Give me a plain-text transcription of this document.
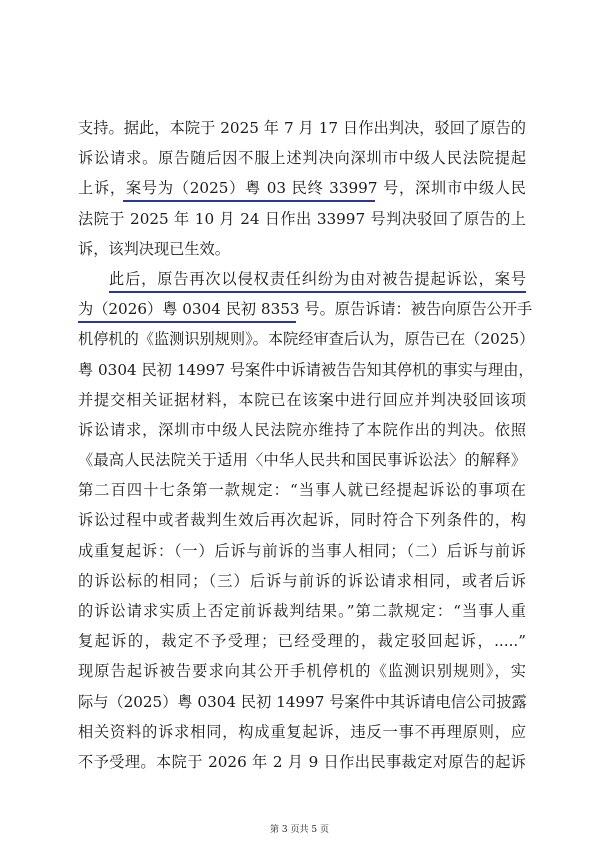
支持。据此，本院于 2025 年 7 月 17 日作出判决，驳回了原告的
诉讼请求。原告随后因不服上述判决向深圳市中级人民法院提起
上诉，案号为（2025）粤 03 民终 33997 号，深圳市中级人民
法院于 2025 年 10 月 24 日作出 33997 号判决驳回了原告的上
诉，该判决现已生效。
此后，原告再次以侵权责任纠纷为由对被告提起诉讼，案号
为（2026）粤 0304 民初 8353 号。原告诉请：被告向原告公开手
机停机的《监测识别规则》。本院经审查后认为，原告已在（2025）
粤 0304 民初 14997 号案件中诉请被告告知其停机的事实与理由，
并提交相关证据材料，本院已在该案中进行回应并判决驳回该项
诉讼请求，深圳市中级人民法院亦维持了本院作出的判决。依照
《最高人民法院关于适用〈中华人民共和国民事诉讼法〉的解释》
第二百四十七条第一款规定：“当事人就已经提起诉讼的事项在
诉讼过程中或者裁判生效后再次起诉，同时符合下列条件的，构
成重复起诉：（一）后诉与前诉的当事人相同；（二）后诉与前诉
的诉讼标的相同；（三）后诉与前诉的诉讼请求相同，或者后诉
的诉讼请求实质上否定前诉裁判结果。”第二款规定：“当事人重
复起诉的，裁定不予受理；已经受理的，裁定驳回起诉，.....”
现原告起诉被告要求向其公开手机停机的《监测识别规则》，实
际与（2025）粤 0304 民初 14997 号案件中其诉请电信公司披露
相关资料的诉求相同，构成重复起诉，违反一事不再理原则，应
不予受理。本院于 2026 年 2 月 9 日作出民事裁定对原告的起诉
第 3 页共 5 页
